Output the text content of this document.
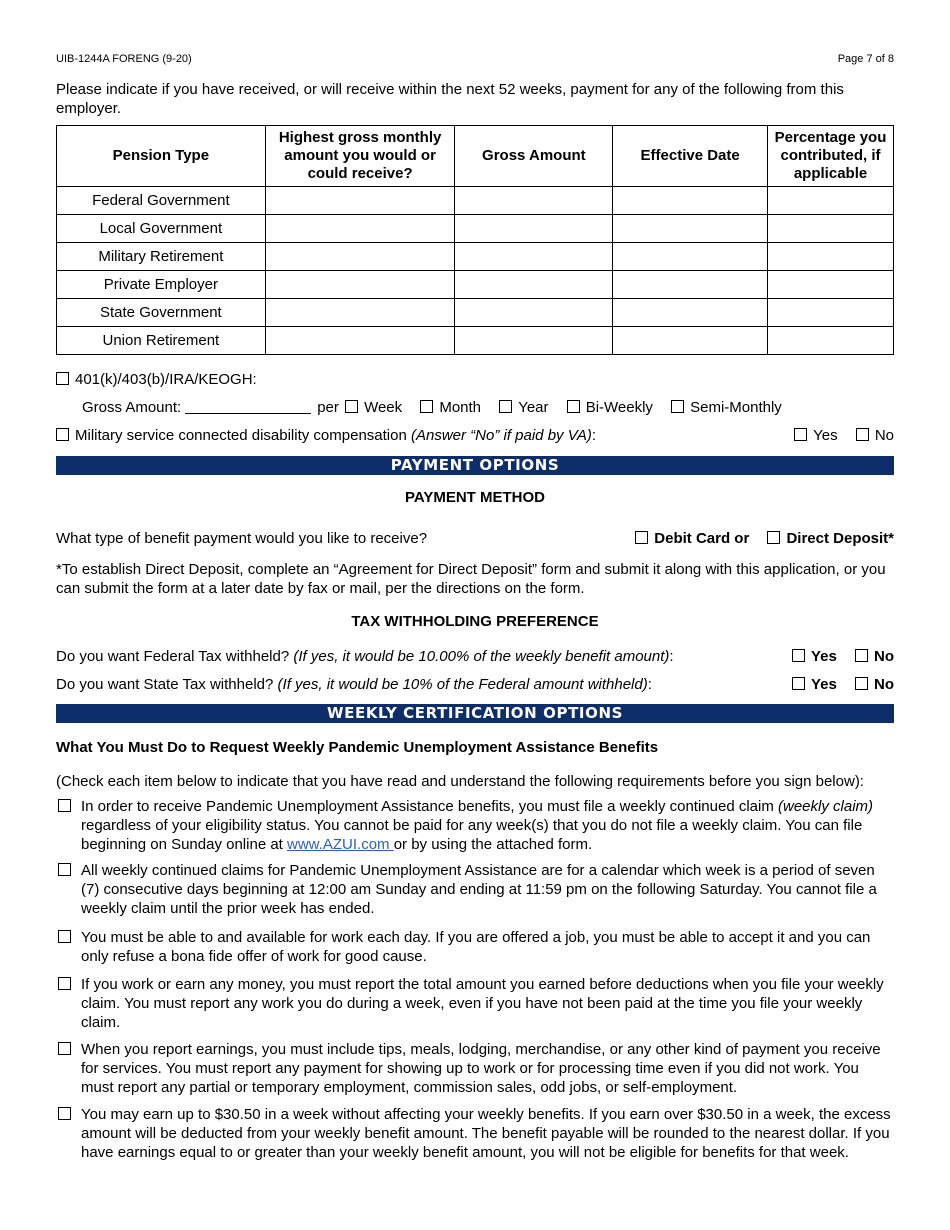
UIB-1244A FORENG (9-20)	Page 7 of 8
Please indicate if you have received, or will receive within the next 52 weeks, payment for any of the following from this employer.
Pension Type	Highest gross monthly amount you would or could receive?	Gross Amount	Effective Date	Percentage you contributed, if applicable
Federal Government				
Local Government				
Military Retirement				
Private Employer				
State Government				
Union Retirement				
401(k)/403(b)/IRA/KEOGH:
Gross Amount:	per Week Month Year Bi-Weekly Semi-Monthly
Military service connected disability compensation (Answer “No” if paid by VA):	Yes No
PAYMENT OPTIONS
PAYMENT METHOD
What type of benefit payment would you like to receive?	Debit Card or Direct Deposit*
*To establish Direct Deposit, complete an “Agreement for Direct Deposit” form and submit it along with this application, or you can submit the form at a later date by fax or mail, per the directions on the form.
TAX WITHHOLDING PREFERENCE
Do you want Federal Tax withheld? (If yes, it would be 10.00% of the weekly benefit amount):	Yes No
Do you want State Tax withheld? (If yes, it would be 10% of the Federal amount withheld):	Yes No
WEEKLY CERTIFICATION OPTIONS
What You Must Do to Request Weekly Pandemic Unemployment Assistance Benefits
(Check each item below to indicate that you have read and understand the following requirements before you sign below):
In order to receive Pandemic Unemployment Assistance benefits, you must file a weekly continued claim (weekly claim) regardless of your eligibility status. You cannot be paid for any week(s) that you do not file a weekly claim. You can file beginning on Sunday online at www.AZUI.com or by using the attached form.
All weekly continued claims for Pandemic Unemployment Assistance are for a calendar which week is a period of seven (7) consecutive days beginning at 12:00 am Sunday and ending at 11:59 pm on the following Saturday. You cannot file a weekly claim until the prior week has ended.
You must be able to and available for work each day. If you are offered a job, you must be able to accept it and you can only refuse a bona fide offer of work for good cause.
If you work or earn any money, you must report the total amount you earned before deductions when you file your weekly claim. You must report any work you do during a week, even if you have not been paid at the time you file your weekly claim.
When you report earnings, you must include tips, meals, lodging, merchandise, or any other kind of payment you receive for services. You must report any payment for showing up to work or for processing time even if you did not work. You must report any partial or temporary employment, commission sales, odd jobs, or self-employment.
You may earn up to $30.50 in a week without affecting your weekly benefits. If you earn over $30.50 in a week, the excess amount will be deducted from your weekly benefit amount. The benefit payable will be rounded to the nearest dollar. If you have earnings equal to or greater than your weekly benefit amount, you will not be eligible for benefits for that week.
